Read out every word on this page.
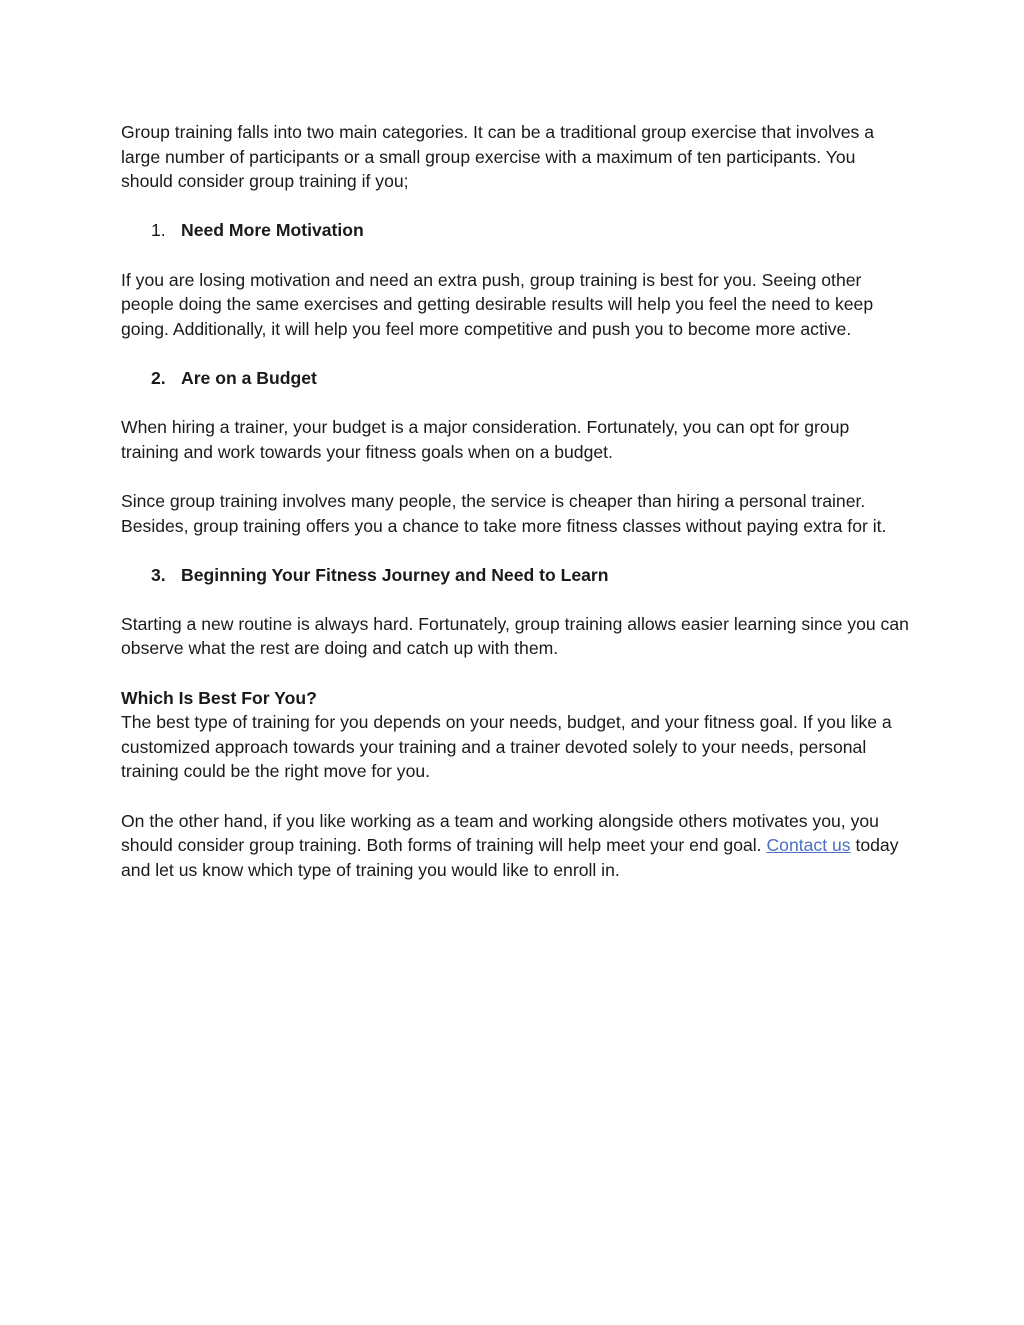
Group training falls into two main categories. It can be a traditional group exercise that involves a large number of participants or a small group exercise with a maximum of ten participants. You should consider group training if you;

1. Need More Motivation

If you are losing motivation and need an extra push, group training is best for you. Seeing other people doing the same exercises and getting desirable results will help you feel the need to keep going. Additionally, it will help you feel more competitive and push you to become more active.

2. Are on a Budget

When hiring a trainer, your budget is a major consideration. Fortunately, you can opt for group training and work towards your fitness goals when on a budget.

Since group training involves many people, the service is cheaper than hiring a personal trainer. Besides, group training offers you a chance to take more fitness classes without paying extra for it.

3. Beginning Your Fitness Journey and Need to Learn

Starting a new routine is always hard. Fortunately, group training allows easier learning since you can observe what the rest are doing and catch up with them.

Which Is Best For You?
The best type of training for you depends on your needs, budget, and your fitness goal. If you like a customized approach towards your training and a trainer devoted solely to your needs, personal training could be the right move for you.

On the other hand, if you like working as a team and working alongside others motivates you, you should consider group training. Both forms of training will help meet your end goal. Contact us today and let us know which type of training you would like to enroll in.
